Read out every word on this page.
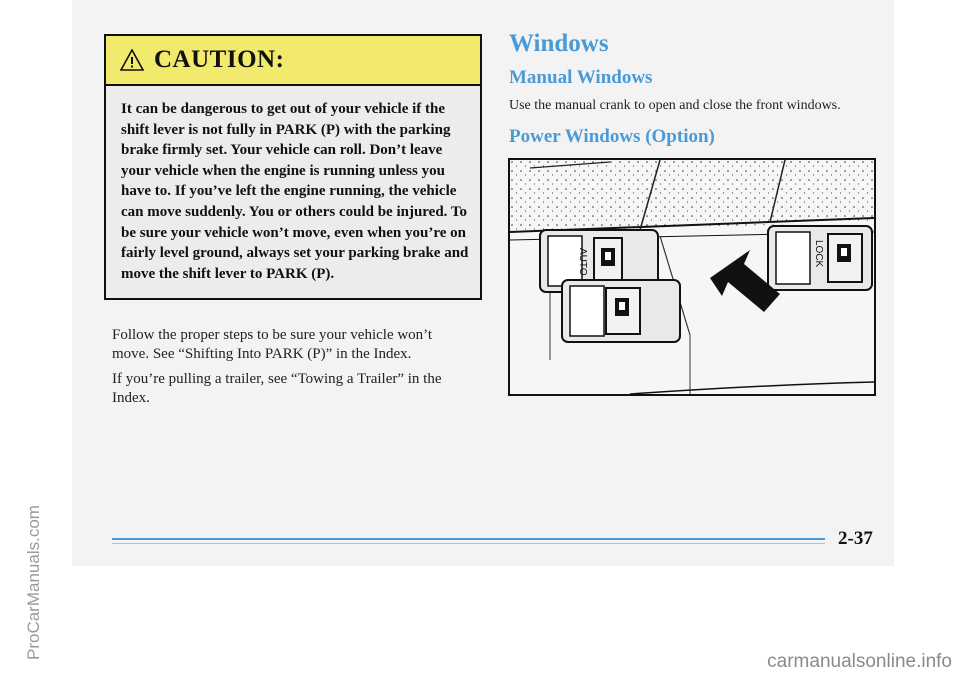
CAUTION:
It can be dangerous to get out of your vehicle if the shift lever is not fully in PARK (P) with the parking brake firmly set. Your vehicle can roll. Don’t leave your vehicle when the engine is running unless you have to. If you’ve left the engine running, the vehicle can move suddenly. You or others could be injured. To be sure your vehicle won’t move, even when you’re on fairly level ground, always set your parking brake and move the shift lever to PARK (P).
Follow the proper steps to be sure your vehicle won’t move. See “Shifting Into PARK (P)” in the Index.
If you’re pulling a trailer, see “Towing a Trailer” in the Index.
Windows
Manual Windows
Use the manual crank to open and close the front windows.
Power Windows (Option)
AUTO	LOCK
2-37
ProCarManuals.com
carmanualsonline.info
